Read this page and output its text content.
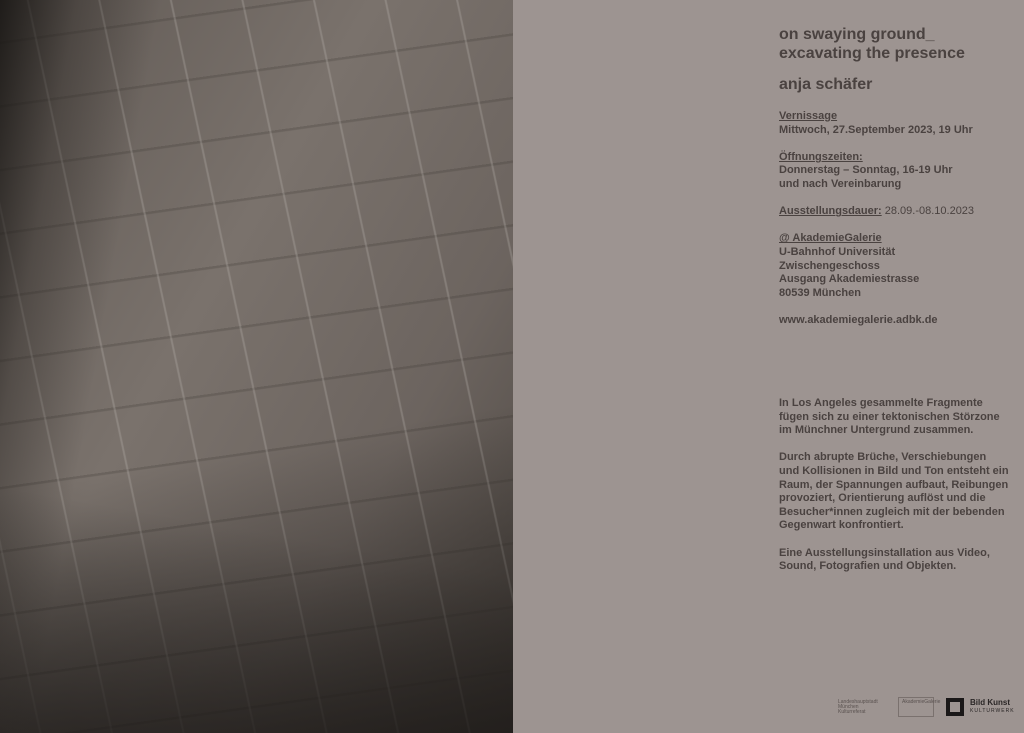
on swaying ground_
excavating the presence
anja schäfer
Vernissage
Mittwoch, 27.September 2023, 19 Uhr
Öffnungszeiten:
Donnerstag – Sonntag, 16-19 Uhr
und nach Vereinbarung
Ausstellungsdauer: 28.09.-08.10.2023
@ AkademieGalerie
U-Bahnhof Universität
Zwischengeschoss
Ausgang Akademiestrasse
80539 München
www.akademiegalerie.adbk.de

In Los Angeles gesammelte Fragmente fügen sich zu einer tektonischen Störzone im Münchner Untergrund zusammen.

Durch abrupte Brüche, Verschiebungen und Kollisionen in Bild und Ton entsteht ein Raum, der Spannungen aufbaut, Reibungen provoziert, Orientierung auflöst und die Besucher*innen zugleich mit der bebenden Gegenwart konfrontiert.

Eine Ausstellungsinstallation aus Video, Sound, Fotografien und Objekten.

Landeshauptstadt München Kulturreferat
AkademieGalerie	Bild Kunst
KULTURWERK
